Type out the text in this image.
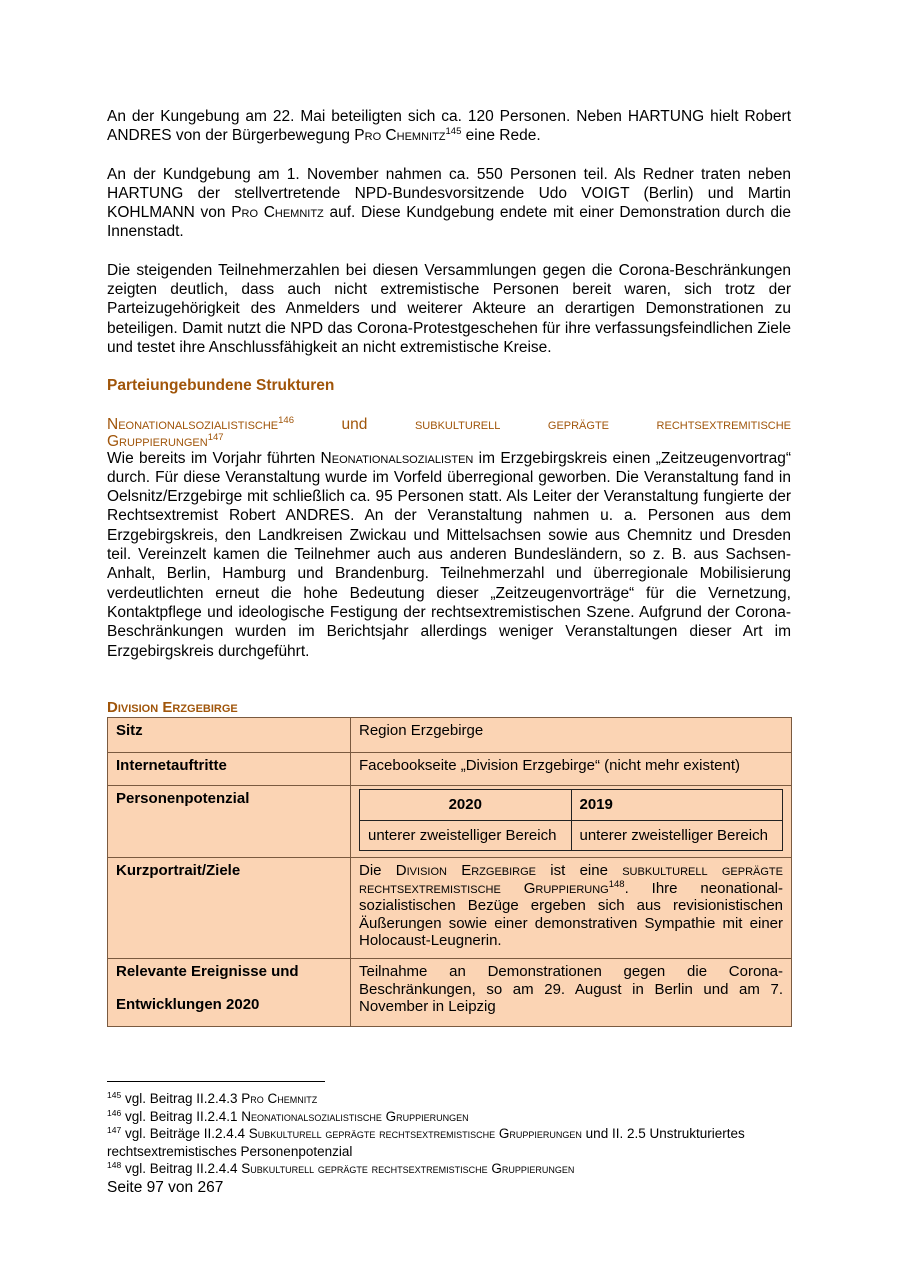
An der Kungebung am 22. Mai beteiligten sich ca. 120 Personen. Neben HARTUNG hielt Robert ANDRES von der Bürgerbewegung Pro Chemnitz$^{145}$ eine Rede.

An der Kundgebung am 1. November nahmen ca. 550 Personen teil. Als Redner traten neben HARTUNG der stellvertretende NPD-Bundesvorsitzende Udo VOIGT (Berlin) und Martin KOHLMANN von Pro Chemnitz auf. Diese Kundgebung endete mit einer Demonstration durch die Innenstadt.

Die steigenden Teilnehmerzahlen bei diesen Versammlungen gegen die Corona-Beschränkungen zeigten deutlich, dass auch nicht extremistische Personen bereit waren, sich trotz der Parteizugehörigkeit des Anmelders und weiterer Akteure an derartigen Demonstrationen zu beteiligen. Damit nutzt die NPD das Corona-Protestgeschehen für ihre verfassungsfeindlichen Ziele und testet ihre Anschlussfähigkeit an nicht extremistische Kreise.

Parteiungebundene Strukturen
Neonationalsozialistische$^{146}$	und	subkulturell geprägte rechtsextremitische
Gruppierungen$^{147}$

Wie bereits im Vorjahr führten Neonationalsozialisten im Erzgebirgskreis einen „Zeitzeugenvortrag“ durch. Für diese Veranstaltung wurde im Vorfeld überregional geworben. Die Veranstaltung fand in Oelsnitz/Erzgebirge mit schließlich ca. 95 Personen statt. Als Leiter der Veranstaltung fungierte der Rechtsextremist Robert ANDRES. An der Veranstaltung nahmen u. a. Personen aus dem Erzgebirgskreis, den Landkreisen Zwickau und Mittelsachsen sowie aus Chemnitz und Dresden teil. Vereinzelt kamen die Teilnehmer auch aus anderen Bundesländern, so z. B. aus Sachsen-Anhalt, Berlin, Hamburg und Brandenburg. Teilnehmerzahl und überregionale Mobilisierung verdeutlichten erneut die hohe Bedeutung dieser „Zeitzeugenvorträge“ für die Vernetzung, Kontaktpflege und ideologische Festigung der rechtsextremistischen Szene. Aufgrund der Corona-Beschränkungen wurden im Berichtsjahr allerdings weniger Veranstaltungen dieser Art im Erzgebirgskreis durchgeführt.

Division Erzgebirge
Sitz	Region Erzgebirge
Internetauftritte	Facebookseite „Division Erzgebirge“ (nicht mehr existent)
Personenpotenzial		2020	2019
unterer zweistelliger Bereich	unterer zweistelliger Bereich

Kurzportrait/Ziele	Die Division Erzgebirge ist eine subkulturell geprägte rechtsextremistische Gruppierung$^{148}$. Ihre neonational-sozialistischen Bezüge ergeben sich aus revisionistischen Äußerungen sowie einer demonstrativen Sympathie mit einer Holocaust-Leugnerin.

Relevante Ereignisse und
Entwicklungen 2020
	Teilnahme an Demonstrationen gegen die Corona-Beschränkungen, so am 29. August in Berlin und am 7. November in Leipzig
$^{145}$ vgl. Beitrag II.2.4.3 Pro Chemnitz
$^{146}$ vgl. Beitrag II.2.4.1 Neonationalsozialistische Gruppierungen
$^{147}$ vgl. Beiträge II.2.4.4 Subkulturell geprägte rechtsextremistische Gruppierungen und II. 2.5 Unstrukturiertes rechtsextremistisches Personenpotenzial
$^{148}$ vgl. Beitrag II.2.4.4 Subkulturell geprägte rechtsextremistische Gruppierungen
Seite 97 von 267
